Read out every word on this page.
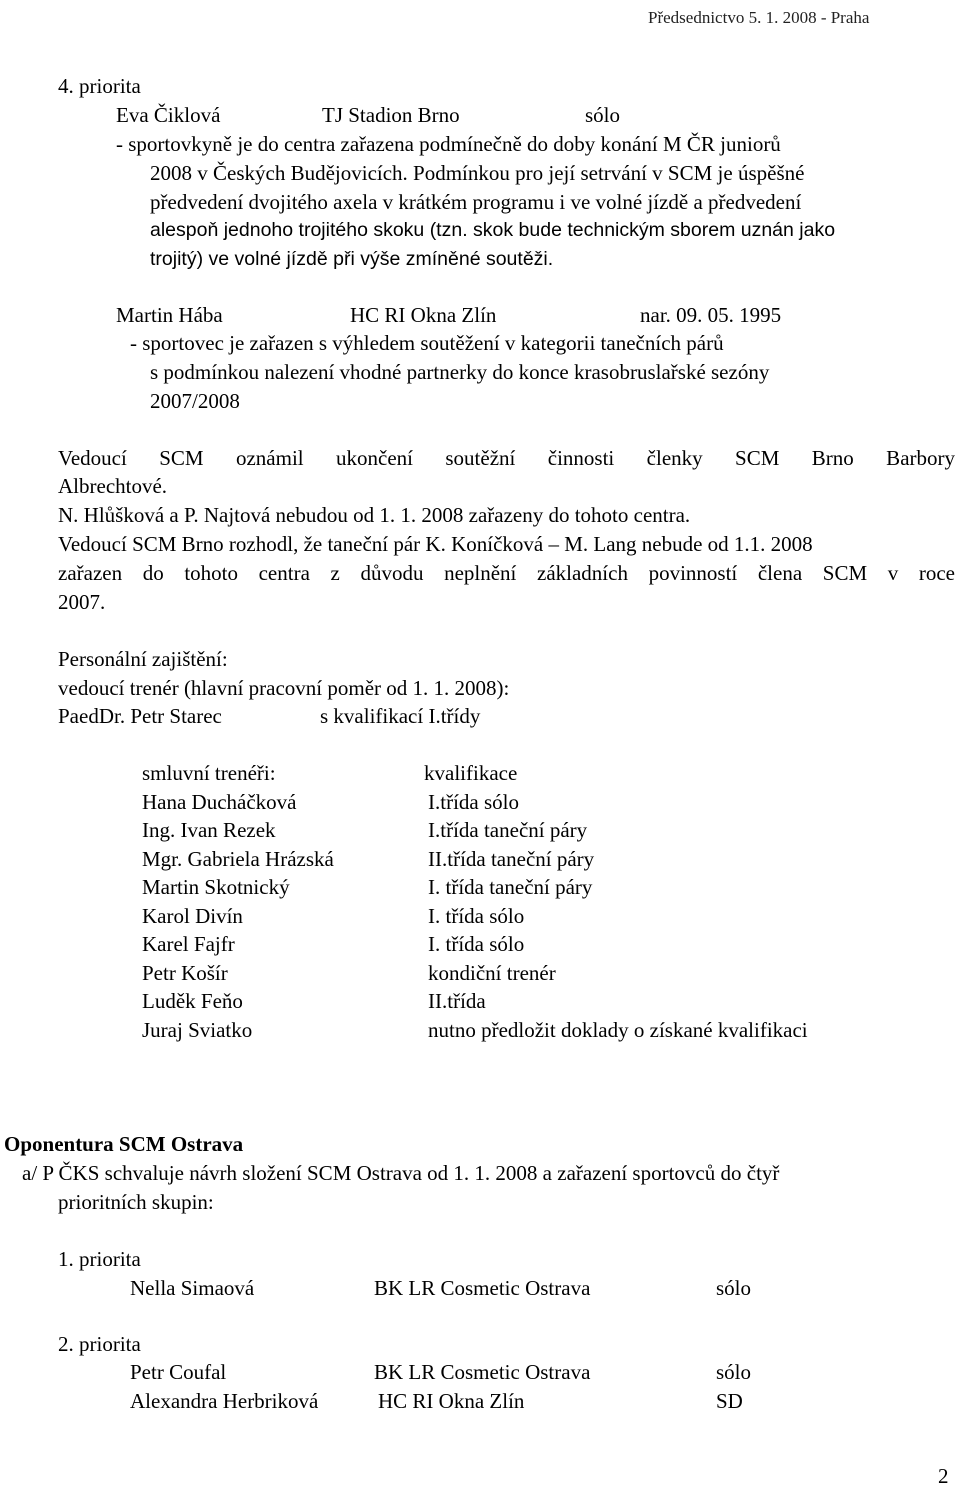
Předsednictvo 5. 1. 2008 - Praha
4. priorita
Eva Čiklová	TJ Stadion Brno	sólo
- sportovkyně je do centra zařazena podmínečně do doby konání M ČR juniorů
2008 v Českých Budějovicích. Podmínkou pro její setrvání v SCM je úspěšné
předvedení dvojitého axela v krátkém programu i ve volné jízdě a předvedení
alespoň jednoho trojitého skoku (tzn. skok bude technickým sborem uznán jako
trojitý) ve volné jízdě při výše zmíněné soutěži.
Martin Hába	HC RI Okna Zlín	nar. 09. 05. 1995
- sportovec je zařazen s výhledem soutěžení v kategorii tanečních párů
s podmínkou nalezení vhodné partnerky do konce krasobruslařské sezóny
2007/2008
Vedoucí SCM oznámil ukončení soutěžní činnosti členky SCM Brno Barbory
Albrechtové.
N. Hlůšková a P. Najtová nebudou od 1. 1. 2008 zařazeny do tohoto centra.
Vedoucí SCM Brno rozhodl, že taneční pár K. Koníčková – M. Lang nebude od 1.1. 2008
zařazen do tohoto centra z důvodu neplnění základních povinností člena SCM v roce
2007.
Personální zajištění:
vedoucí trenér (hlavní pracovní poměr od 1. 1. 2008):
PaedDr. Petr Starec	s kvalifikací I.třídy
smluvní trenéři:	kvalifikace
Hana Ducháčková	I.třída sólo
Ing. Ivan Rezek	I.třída taneční páry
Mgr. Gabriela Hrázská	II.třída taneční páry
Martin Skotnický	I. třída taneční páry
Karol Divín	I. třída sólo
Karel Fajfr	I. třída sólo
Petr Košír	kondiční trenér
Luděk Feňo	II.třída
Juraj Sviatko	nutno předložit doklady o získané kvalifikaci
Oponentura SCM Ostrava
a/ P ČKS schvaluje návrh složení SCM Ostrava od 1. 1. 2008 a zařazení sportovců do čtyř
prioritních skupin:
1. priorita
Nella Simaová	BK LR Cosmetic Ostrava	sólo
2. priorita
Petr Coufal	BK LR Cosmetic Ostrava	sólo
Alexandra Herbriková	HC RI Okna Zlín	SD
2
